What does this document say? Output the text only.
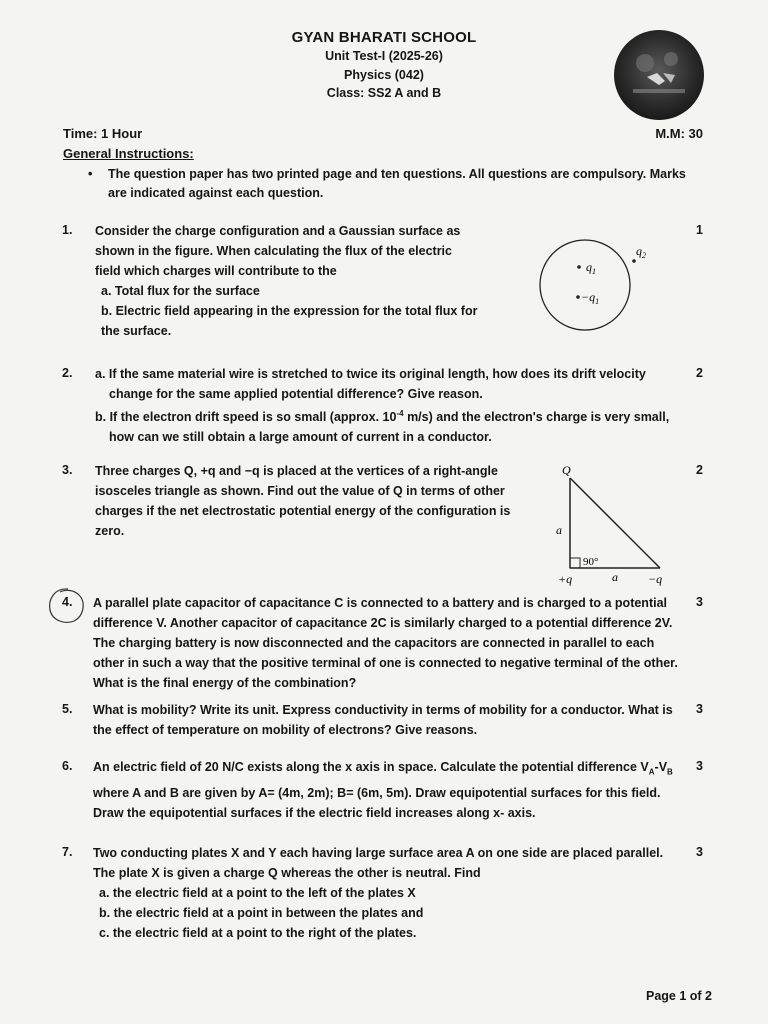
GYAN BHARATI SCHOOL
Unit Test-I (2025-26)
Physics (042)
Class: SS2 A and B
Time: 1 Hour	M.M: 30
General Instructions:
• The question paper has two printed page and ten questions. All questions are compulsory. Marks are indicated against each question.
1.	1

Consider the charge configuration and a Gaussian surface as

shown in the figure. When calculating the flux of the electric

field which charges will contribute to the

a. Total flux for the surface

b. Electric field appearing in the expression for the total flux for the surface.

$q_2$
$q_1$
$-q_1$
2.	2

a. If the same material wire is stretched to twice its original length, how does its drift velocity change for the same applied potential difference? Give reason.

b. If the electron drift speed is so small (approx. $10^{-4}$ m/s) and the electron's charge is very small, how can we still obtain a large amount of current in a conductor.

3.	2

Three charges Q, +q and −q is placed at the vertices of a right-angle isosceles triangle as shown. Find out the value of Q in terms of other charges if the net electrostatic potential energy of the configuration is zero.

Q
a
90°
+q	a	−q
4.	3

A parallel plate capacitor of capacitance C is connected to a battery and is charged to a potential difference V. Another capacitor of capacitance 2C is similarly charged to a potential difference 2V. The charging battery is now disconnected and the capacitors are connected in parallel to each other in such a way that the positive terminal of one is connected to negative terminal of the other. What is the final energy of the combination?

5.	3

What is mobility? Write its unit. Express conductivity in terms of mobility for a conductor. What is the effect of temperature on mobility of electrons? Give reasons.

6.	3

An electric field of 20 N/C exists along the x axis in space. Calculate the potential difference $V_A-V_B$ where A and B are given by A= (4m, 2m); B= (6m, 5m). Draw equipotential surfaces for this field. Draw the equipotential surfaces if the electric field increases along x- axis.

7.	3

Two conducting plates X and Y each having large surface area A on one side are placed parallel. The plate X is given a charge Q whereas the other is neutral. Find

a. the electric field at a point to the left of the plates X

b. the electric field at a point in between the plates and

c. the electric field at a point to the right of the plates.

Page 1 of 2
